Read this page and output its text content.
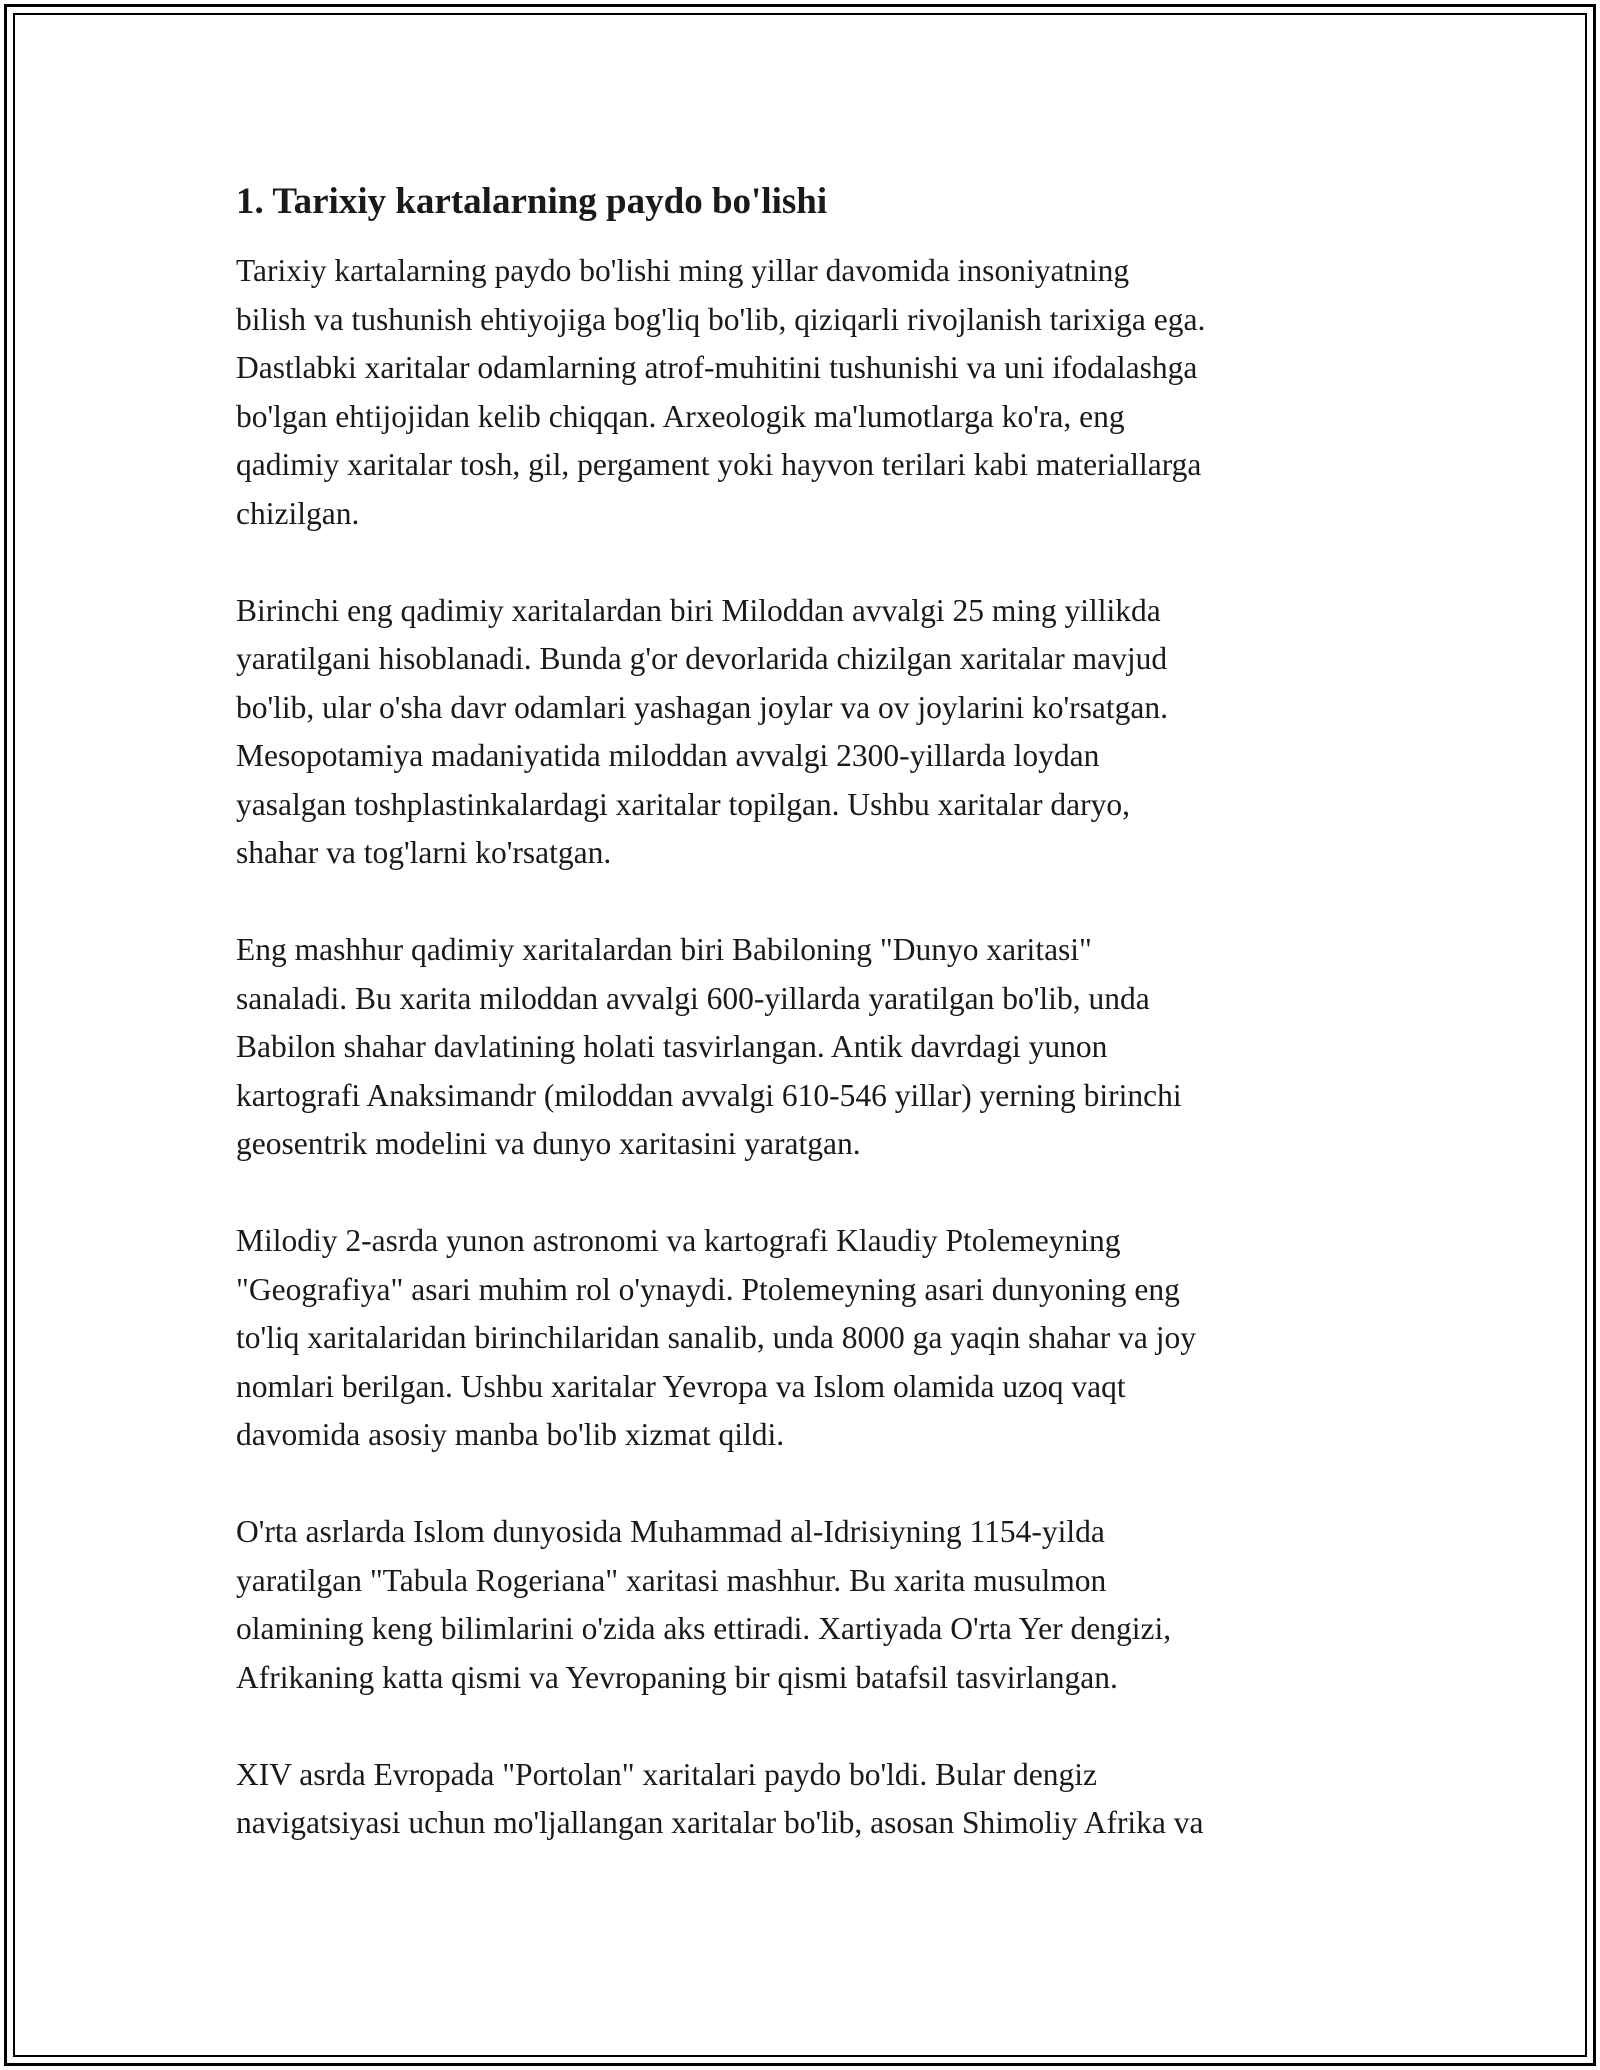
1. Tarixiy kartalarning paydo bo'lishi
Tarixiy kartalarning paydo bo'lishi ming yillar davomida insoniyatning
bilish va tushunish ehtiyojiga bog'liq bo'lib, qiziqarli rivojlanish tarixiga ega.
Dastlabki xaritalar odamlarning atrof-muhitini tushunishi va uni ifodalashga
bo'lgan ehtijojidan kelib chiqqan. Arxeologik ma'lumotlarga ko'ra, eng
qadimiy xaritalar tosh, gil, pergament yoki hayvon terilari kabi materiallarga
chizilgan.
Birinchi eng qadimiy xaritalardan biri Miloddan avvalgi 25 ming yillikda
yaratilgani hisoblanadi. Bunda g'or devorlarida chizilgan xaritalar mavjud
bo'lib, ular o'sha davr odamlari yashagan joylar va ov joylarini ko'rsatgan.
Mesopotamiya madaniyatida miloddan avvalgi 2300-yillarda loydan
yasalgan toshplastinkalardagi xaritalar topilgan. Ushbu xaritalar daryo,
shahar va tog'larni ko'rsatgan.
Eng mashhur qadimiy xaritalardan biri Babiloning "Dunyo xaritasi"
sanaladi. Bu xarita miloddan avvalgi 600-yillarda yaratilgan bo'lib, unda
Babilon shahar davlatining holati tasvirlangan. Antik davrdagi yunon
kartografi Anaksimandr (miloddan avvalgi 610-546 yillar) yerning birinchi
geosentrik modelini va dunyo xaritasini yaratgan.
Milodiy 2-asrda yunon astronomi va kartografi Klaudiy Ptolemeyning
"Geografiya" asari muhim rol o'ynaydi. Ptolemeyning asari dunyoning eng
to'liq xaritalaridan birinchilaridan sanalib, unda 8000 ga yaqin shahar va joy
nomlari berilgan. Ushbu xaritalar Yevropa va Islom olamida uzoq vaqt
davomida asosiy manba bo'lib xizmat qildi.
O'rta asrlarda Islom dunyosida Muhammad al-Idrisiyning 1154-yilda
yaratilgan "Tabula Rogeriana" xaritasi mashhur. Bu xarita musulmon
olamining keng bilimlarini o'zida aks ettiradi. Xartiyada O'rta Yer dengizi,
Afrikaning katta qismi va Yevropaning bir qismi batafsil tasvirlangan.
XIV asrda Evropada "Portolan" xaritalari paydo bo'ldi. Bular dengiz
navigatsiyasi uchun mo'ljallangan xaritalar bo'lib, asosan Shimoliy Afrika va
